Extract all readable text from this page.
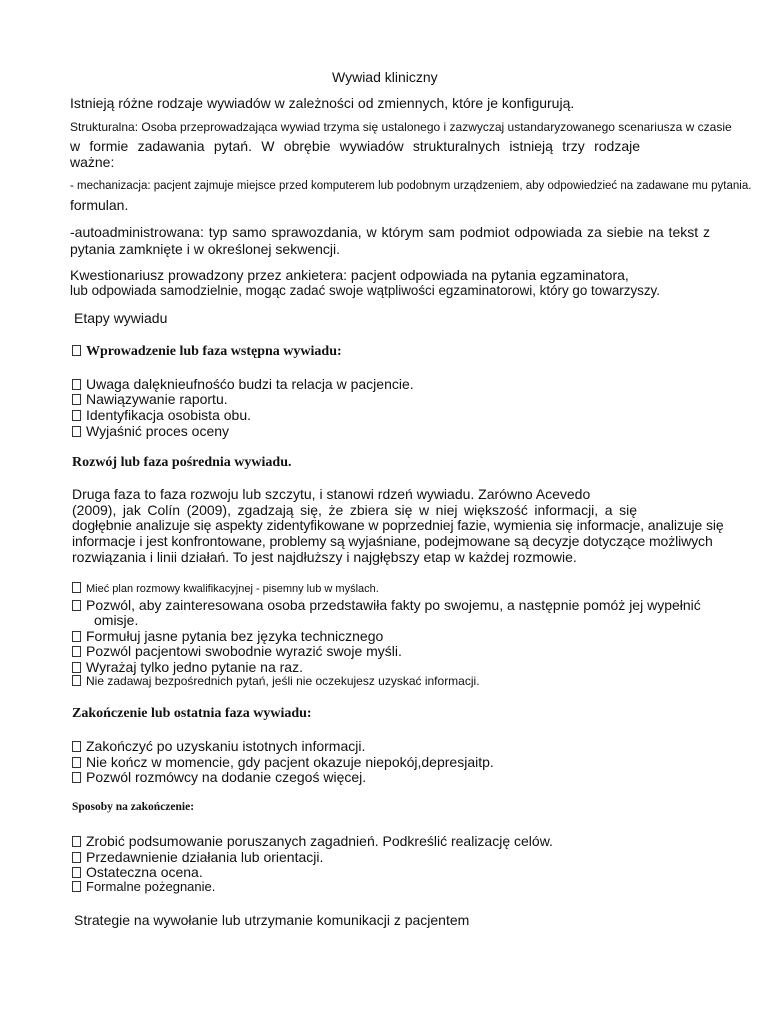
Wywiad kliniczny
Istnieją różne rodzaje wywiadów w zależności od zmiennych, które je konfigurują.
Strukturalna: Osoba przeprowadzająca wywiad trzyma się ustalonego i zazwyczaj ustandaryzowanego scenariusza w czasie
w formie zadawania pytań. W obrębie wywiadów strukturalnych istnieją trzy rodzaje
ważne:
- mechanizacja: pacjent zajmuje miejsce przed komputerem lub podobnym urządzeniem, aby odpowiedzieć na zadawane mu pytania.
formulan.
-autoadministrowana: typ samo sprawozdania, w którym sam podmiot odpowiada za siebie na tekst z
pytania zamknięte i w określonej sekwencji.
Kwestionariusz prowadzony przez ankietera: pacjent odpowiada na pytania egzaminatora,
lub odpowiada samodzielnie, mogąc zadać swoje wątpliwości egzaminatorowi, który go towarzyszy.
Etapy wywiadu
Wprowadzenie lub faza wstępna wywiadu:
Uwaga dalęknieufnośćo budzi ta relacja w pacjencie.
Nawiązywanie raportu.
Identyfikacja osobista obu.
Wyjaśnić proces oceny
Rozwój lub faza pośrednia wywiadu.
Druga faza to faza rozwoju lub szczytu, i stanowi rdzeń wywiadu. Zarówno Acevedo
(2009), jak Colín (2009), zgadzają się, że zbiera się w niej większość informacji, a się
dogłębnie analizuje się aspekty zidentyfikowane w poprzedniej fazie, wymienia się informacje, analizuje się
informacje i jest konfrontowane, problemy są wyjaśniane, podejmowane są decyzje dotyczące możliwych
rozwiązania i linii działań. To jest najdłuższy i najgłębszy etap w każdej rozmowie.
Mieć plan rozmowy kwalifikacyjnej - pisemny lub w myślach.
Pozwól, aby zainteresowana osoba przedstawiła fakty po swojemu, a następnie pomóż jej wypełnić
omisje.
Formułuj jasne pytania bez języka technicznego
Pozwól pacjentowi swobodnie wyrazić swoje myśli.
Wyrażaj tylko jedno pytanie na raz.
Nie zadawaj bezpośrednich pytań, jeśli nie oczekujesz uzyskać informacji.
Zakończenie lub ostatnia faza wywiadu:
Zakończyć po uzyskaniu istotnych informacji.
Nie kończ w momencie, gdy pacjent okazuje niepokój,depresjaitp.
Pozwól rozmówcy na dodanie czegoś więcej.
Sposoby na zakończenie:
Zrobić podsumowanie poruszanych zagadnień. Podkreślić realizację celów.
Przedawnienie działania lub orientacji.
Ostateczna ocena.
Formalne pożegnanie.
Strategie na wywołanie lub utrzymanie komunikacji z pacjentem
